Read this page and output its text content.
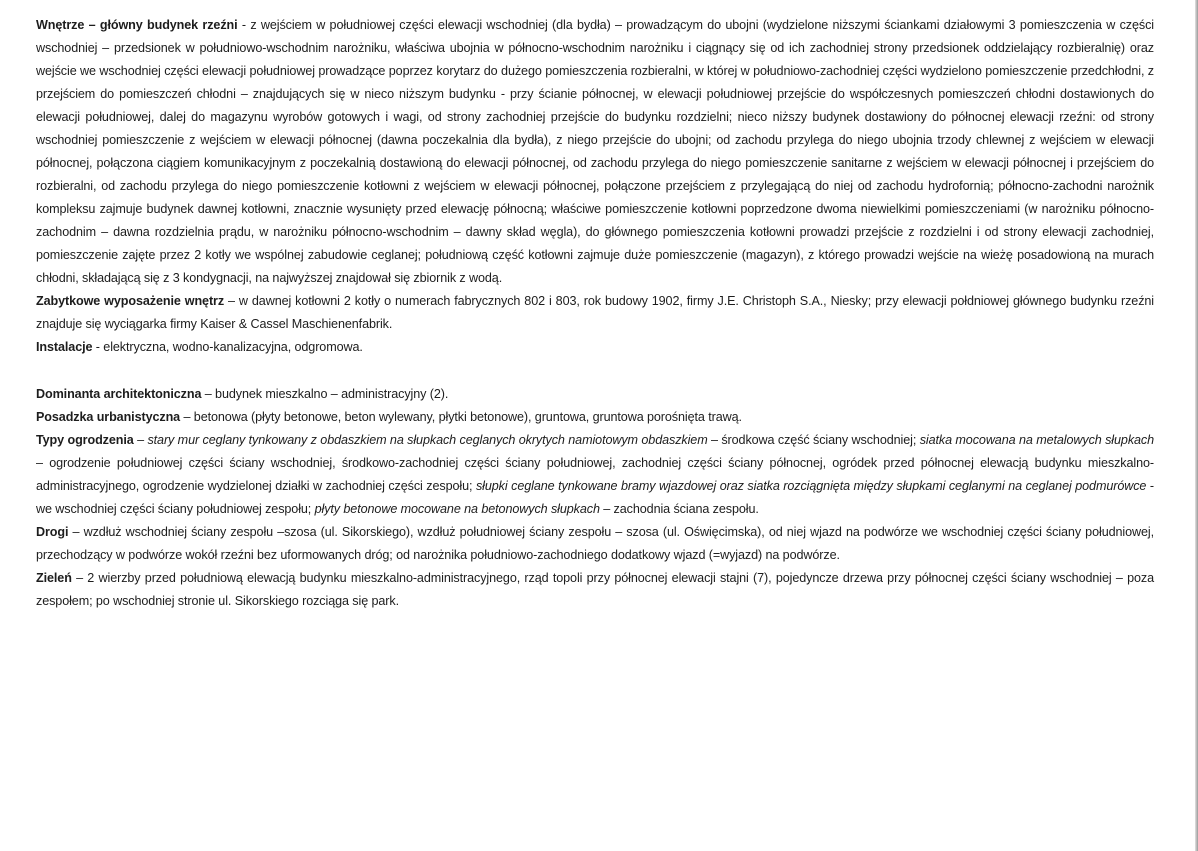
Wnętrze – główny budynek rzeźni - z wejściem w południowej części elewacji wschodniej (dla bydła) – prowadzącym do ubojni (wydzielone niższymi ściankami działowymi 3 pomieszczenia w części wschodniej – przedsionek w południowo-wschodnim narożniku, właściwa ubojnia w północno-wschodnim narożniku i ciągnący się od ich zachodniej strony przedsionek oddzielający rozbieralnię) oraz wejście we wschodniej części elewacji południowej prowadzące poprzez korytarz do dużego pomieszczenia rozbieralni, w której w południowo-zachodniej części wydzielono pomieszczenie przedchłodni, z przejściem do pomieszczeń chłodni – znajdujących się w nieco niższym budynku - przy ścianie północnej, w elewacji południowej przejście do współczesnych pomieszczeń chłodni dostawionych do elewacji południowej, dalej do magazynu wyrobów gotowych i wagi, od strony zachodniej przejście do budynku rozdzielni; nieco niższy budynek dostawiony do północnej elewacji rzeźni: od strony wschodniej pomieszczenie z wejściem w elewacji północnej (dawna poczekalnia dla bydła), z niego przejście do ubojni; od zachodu przylega do niego ubojnia trzody chlewnej z wejściem w elewacji północnej, połączona ciągiem komunikacyjnym z poczekalnią dostawioną do elewacji północnej, od zachodu przylega do niego pomieszczenie sanitarne z wejściem w elewacji północnej i przejściem do rozbieralni, od zachodu przylega do niego pomieszczenie kotłowni z wejściem w elewacji północnej, połączone przejściem z przylegającą do niej od zachodu hydrofornią; północno-zachodni narożnik kompleksu zajmuje budynek dawnej kotłowni, znacznie wysunięty przed elewację północną; właściwe pomieszczenie kotłowni poprzedzone dwoma niewielkimi pomieszczeniami (w narożniku północno-zachodnim – dawna rozdzielnia prądu, w narożniku północno-wschodnim – dawny skład węgla), do głównego pomieszczenia kotłowni prowadzi przejście z rozdzielni i od strony elewacji zachodniej, pomieszczenie zajęte przez 2 kotły we wspólnej zabudowie ceglanej; południową część kotłowni zajmuje duże pomieszczenie (magazyn), z którego prowadzi wejście na wieżę posadowioną na murach chłodni, składającą się z 3 kondygnacji, na najwyższej znajdował się zbiornik z wodą.

Zabytkowe wyposażenie wnętrz – w dawnej kotłowni 2 kotły o numerach fabrycznych 802 i 803, rok budowy 1902, firmy J.E. Christoph S.A., Niesky; przy elewacji połdniowej głównego budynku rzeźni znajduje się wyciągarka firmy Kaiser & Cassel Maschienenfabrik.

Instalacje - elektryczna, wodno-kanalizacyjna, odgromowa.

Dominanta architektoniczna – budynek mieszkalno – administracyjny (2).

Posadzka urbanistyczna – betonowa (płyty betonowe, beton wylewany, płytki betonowe), gruntowa, gruntowa porośnięta trawą.

Typy ogrodzenia – stary mur ceglany tynkowany z obdaszkiem na słupkach ceglanych okrytych namiotowym obdaszkiem – środkowa część ściany wschodniej; siatka mocowana na metalowych słupkach – ogrodzenie południowej części ściany wschodniej, środkowo-zachodniej części ściany południowej, zachodniej części ściany północnej, ogródek przed północnej elewacją budynku mieszkalno-administracyjnego, ogrodzenie wydzielonej działki w zachodniej części zespołu; słupki ceglane tynkowane bramy wjazdowej oraz siatka rozciągnięta między słupkami ceglanymi na ceglanej podmurówce - we wschodniej części ściany południowej zespołu; płyty betonowe mocowane na betonowych słupkach – zachodnia ściana zespołu.

Drogi – wzdłuż wschodniej ściany zespołu –szosa (ul. Sikorskiego), wzdłuż południowej ściany zespołu – szosa (ul. Oświęcimska), od niej wjazd na podwórze we wschodniej części ściany południowej, przechodzący w podwórze wokół rzeźni bez uformowanych dróg; od narożnika południowo-zachodniego dodatkowy wjazd (=wyjazd) na podwórze.

Zieleń – 2 wierzby przed południową elewacją budynku mieszkalno-administracyjnego, rząd topoli przy północnej elewacji stajni (7), pojedyncze drzewa przy północnej części ściany wschodniej – poza zespołem; po wschodniej stronie ul. Sikorskiego rozciąga się park.
